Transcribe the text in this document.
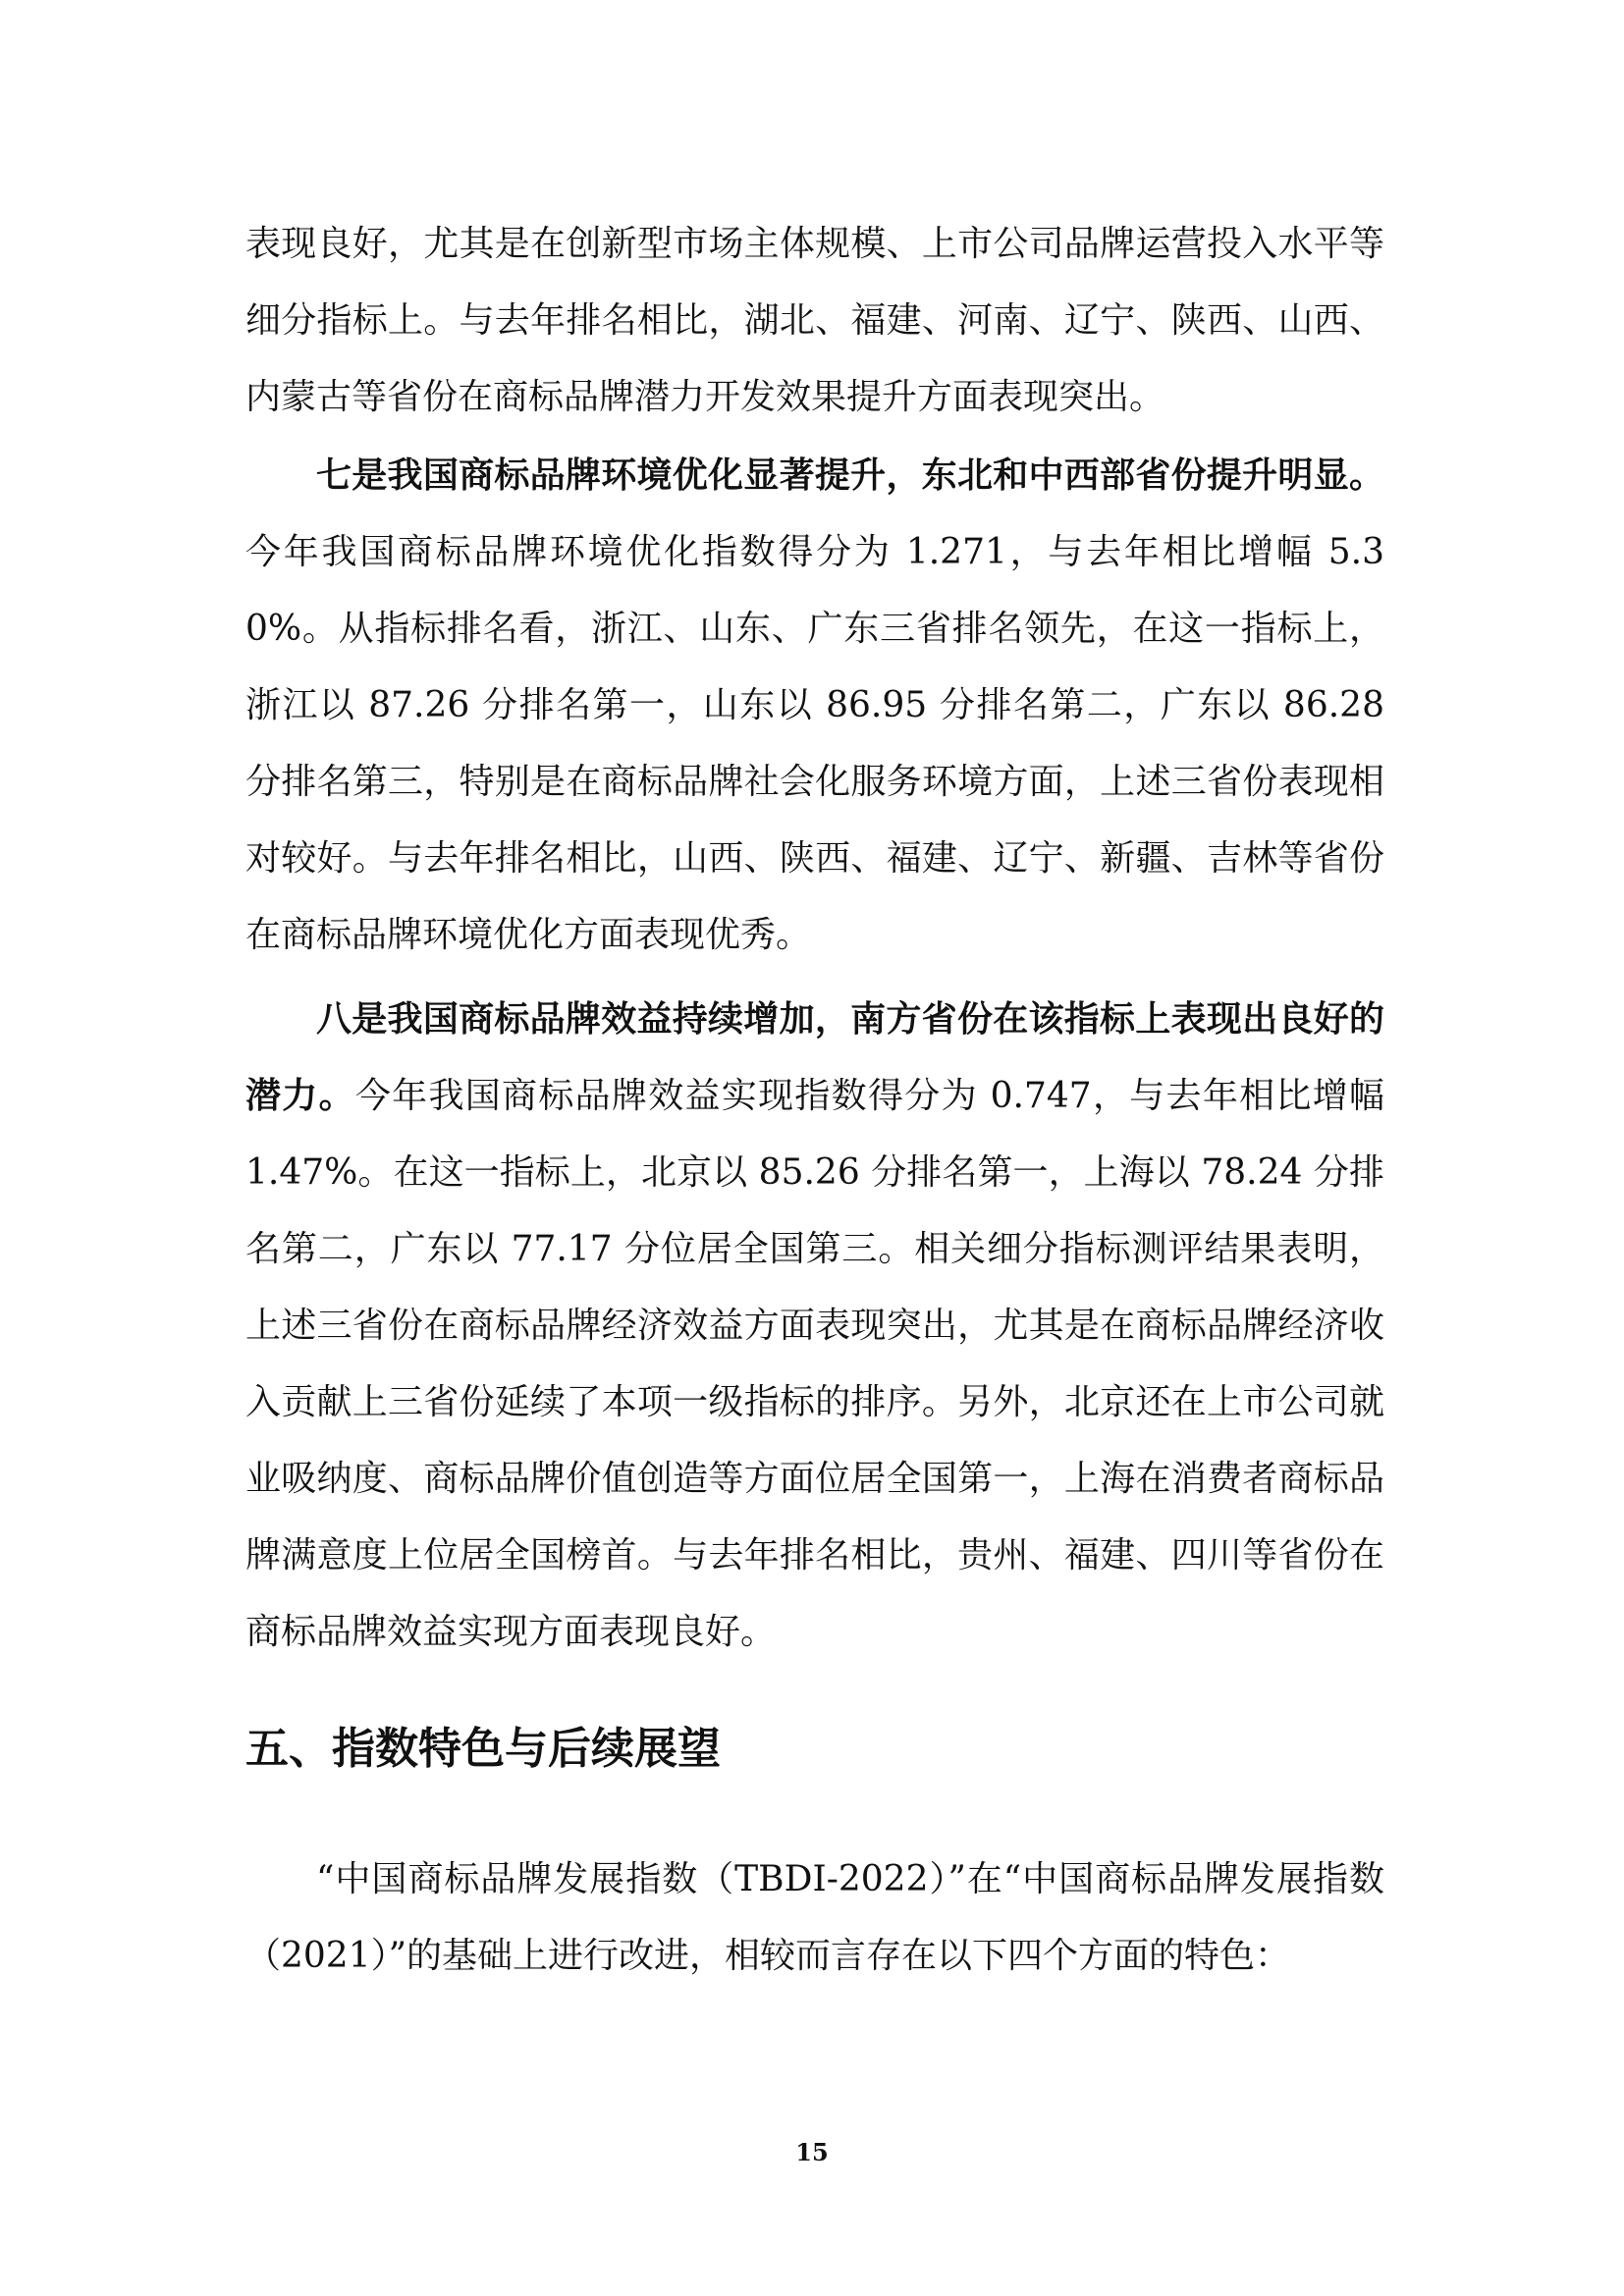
表现良好，尤其是在创新型市场主体规模、上市公司品牌运营投入水平等细分指标上。与去年排名相比，湖北、福建、河南、辽宁、陕西、山西、内蒙古等省份在商标品牌潜力开发效果提升方面表现突出。

七是我国商标品牌环境优化显著提升，东北和中西部省份提升明显。今年我国商标品牌环境优化指数得分为 1.271，与去年相比增幅 5.30%。从指标排名看，浙江、山东、广东三省排名领先，在这一指标上，浙江以 87.26 分排名第一，山东以 86.95 分排名第二，广东以 86.28 分排名第三，特别是在商标品牌社会化服务环境方面，上述三省份表现相对较好。与去年排名相比，山西、陕西、福建、辽宁、新疆、吉林等省份在商标品牌环境优化方面表现优秀。

八是我国商标品牌效益持续增加，南方省份在该指标上表现出良好的潜力。今年我国商标品牌效益实现指数得分为 0.747，与去年相比增幅 1.47%。在这一指标上，北京以 85.26 分排名第一，上海以 78.24 分排名第二，广东以 77.17 分位居全国第三。相关细分指标测评结果表明，上述三省份在商标品牌经济效益方面表现突出，尤其是在商标品牌经济收入贡献上三省份延续了本项一级指标的排序。另外，北京还在上市公司就业吸纳度、商标品牌价值创造等方面位居全国第一，上海在消费者商标品牌满意度上位居全国榜首。与去年排名相比，贵州、福建、四川等省份在商标品牌效益实现方面表现良好。

五、指数特色与后续展望

“中国商标品牌发展指数（TBDI-2022）”在“中国商标品牌发展指数（2021）”的基础上进行改进，相较而言存在以下四个方面的特色：

15
